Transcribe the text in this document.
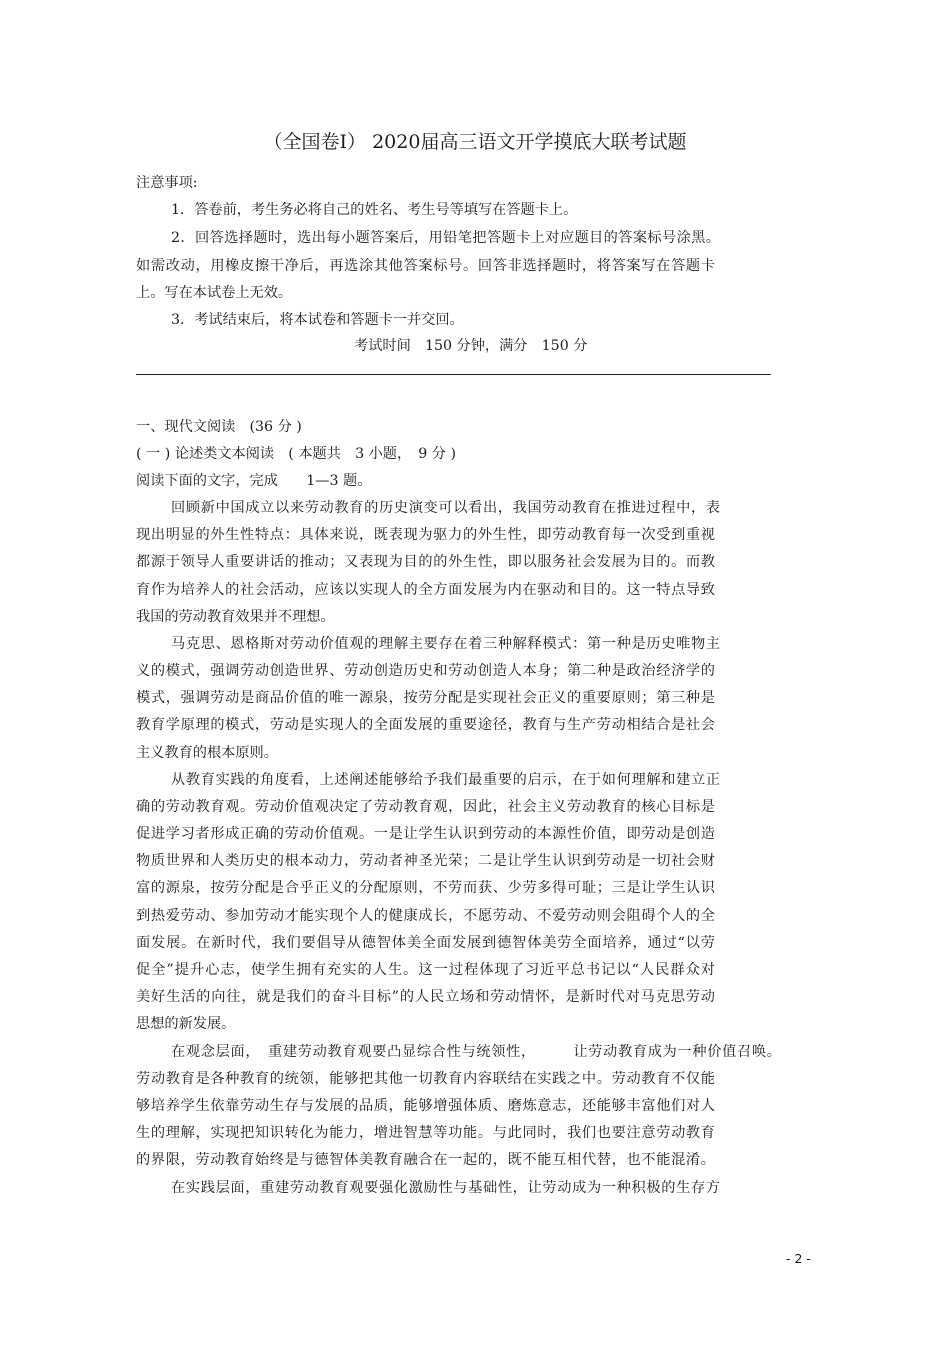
（全国卷Ⅰ） 2020届高三语文开学摸底大联考试题
注意事项:
1．答卷前，考生务必将自己的姓名、考生号等填写在答题卡上。
2．回答选择题时，选出每小题答案后，用铅笔把答题卡上对应题目的答案标号涂黑。
如需改动，用橡皮擦干净后，再选涂其他答案标号。回答非选择题时，将答案写在答题卡
上。写在本试卷上无效。
3．考试结束后，将本试卷和答题卡一并交回。
考试时间　150 分钟，满分　150 分
一、现代文阅读　(36 分 )
( 一 ) 论述类文本阅读　( 本题共　3 小题，　9 分 )
阅读下面的文字，完成　　1—3 题。
回顾新中国成立以来劳动教育的历史演变可以看出，我国劳动教育在推进过程中，表
现出明显的外生性特点：具体来说，既表现为驱力的外生性，即劳动教育每一次受到重视
都源于领导人重要讲话的推动；又表现为目的的外生性，即以服务社会发展为目的。而教
育作为培养人的社会活动，应该以实现人的全方面发展为内在驱动和目的。这一特点导致
我国的劳动教育效果并不理想。
马克思、恩格斯对劳动价值观的理解主要存在着三种解释模式：第一种是历史唯物主
义的模式，强调劳动创造世界、劳动创造历史和劳动创造人本身；第二种是政治经济学的
模式，强调劳动是商品价值的唯一源泉，按劳分配是实现社会正义的重要原则；第三种是
教育学原理的模式，劳动是实现人的全面发展的重要途径，教育与生产劳动相结合是社会
主义教育的根本原则。
从教育实践的角度看，上述阐述能够给予我们最重要的启示，在于如何理解和建立正
确的劳动教育观。劳动价值观决定了劳动教育观，因此，社会主义劳动教育的核心目标是
促进学习者形成正确的劳动价值观。一是让学生认识到劳动的本源性价值，即劳动是创造
物质世界和人类历史的根本动力，劳动者神圣光荣；二是让学生认识到劳动是一切社会财
富的源泉，按劳分配是合乎正义的分配原则，不劳而获、少劳多得可耻；三是让学生认识
到热爱劳动、参加劳动才能实现个人的健康成长，不愿劳动、不爱劳动则会阻碍个人的全
面发展。在新时代，我们要倡导从德智体美全面发展到德智体美劳全面培养，通过“以劳
促全”提升心志，使学生拥有充实的人生。这一过程体现了习近平总书记以“人民群众对
美好生活的向往，就是我们的奋斗目标”的人民立场和劳动情怀，是新时代对马克思劳动
思想的新发展。
在观念层面，　重建劳动教育观要凸显综合性与统领性，　　　让劳动教育成为一种价值召唤。
劳动教育是各种教育的统领，能够把其他一切教育内容联结在实践之中。劳动教育不仅能
够培养学生依靠劳动生存与发展的品质，能够增强体质、磨炼意志，还能够丰富他们对人
生的理解，实现把知识转化为能力，增进智慧等功能。与此同时，我们也要注意劳动教育
的界限，劳动教育始终是与德智体美教育融合在一起的，既不能互相代替，也不能混淆。
在实践层面，重建劳动教育观要强化激励性与基础性，让劳动成为一种积极的生存方
- 2 -
